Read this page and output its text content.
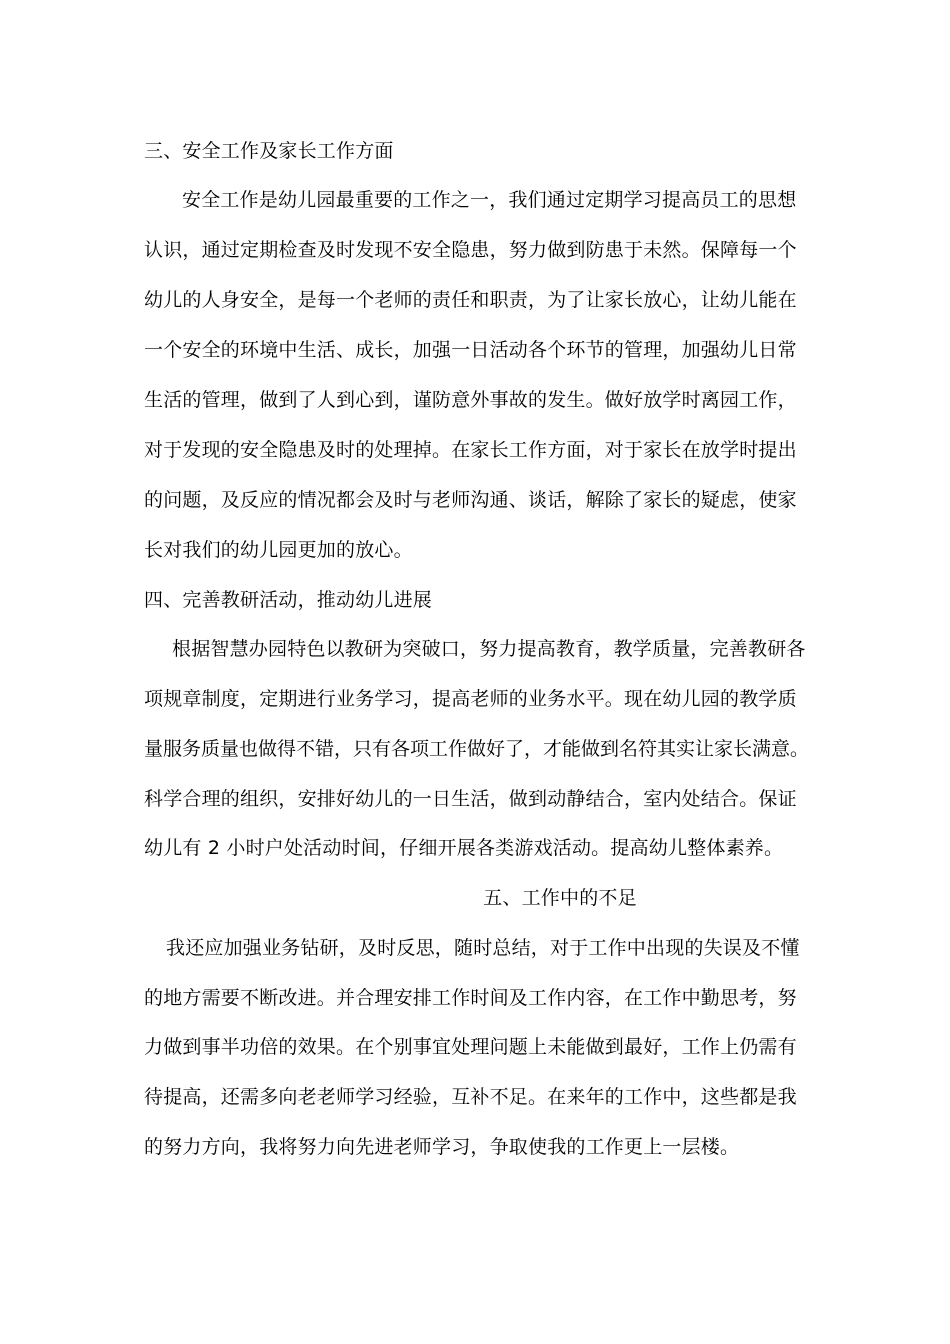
三、安全工作及家长工作方面
安全工作是幼儿园最重要的工作之一，我们通过定期学习提高员工的思想
认识，通过定期检查及时发现不安全隐患，努力做到防患于未然。保障每一个
幼儿的人身安全，是每一个老师的责任和职责，为了让家长放心，让幼儿能在
一个安全的环境中生活、成长，加强一日活动各个环节的管理，加强幼儿日常
生活的管理，做到了人到心到，谨防意外事故的发生。做好放学时离园工作，
对于发现的安全隐患及时的处理掉。在家长工作方面，对于家长在放学时提出
的问题，及反应的情况都会及时与老师沟通、谈话，解除了家长的疑虑，使家
长对我们的幼儿园更加的放心。
四、完善教研活动，推动幼儿进展
根据智慧办园特色以教研为突破口，努力提高教育，教学质量，完善教研各
项规章制度，定期进行业务学习，提高老师的业务水平。现在幼儿园的教学质
量服务质量也做得不错，只有各项工作做好了，才能做到名符其实让家长满意。
科学合理的组织，安排好幼儿的一日生活，做到动静结合，室内处结合。保证
幼儿有 2 小时户处活动时间，仔细开展各类游戏活动。提高幼儿整体素养。
五、工作中的不足
我还应加强业务钻研，及时反思，随时总结，对于工作中出现的失误及不懂
的地方需要不断改进。并合理安排工作时间及工作内容，在工作中勤思考，努
力做到事半功倍的效果。在个别事宜处理问题上未能做到最好，工作上仍需有
待提高，还需多向老老师学习经验，互补不足。在来年的工作中，这些都是我
的努力方向，我将努力向先进老师学习，争取使我的工作更上一层楼。
